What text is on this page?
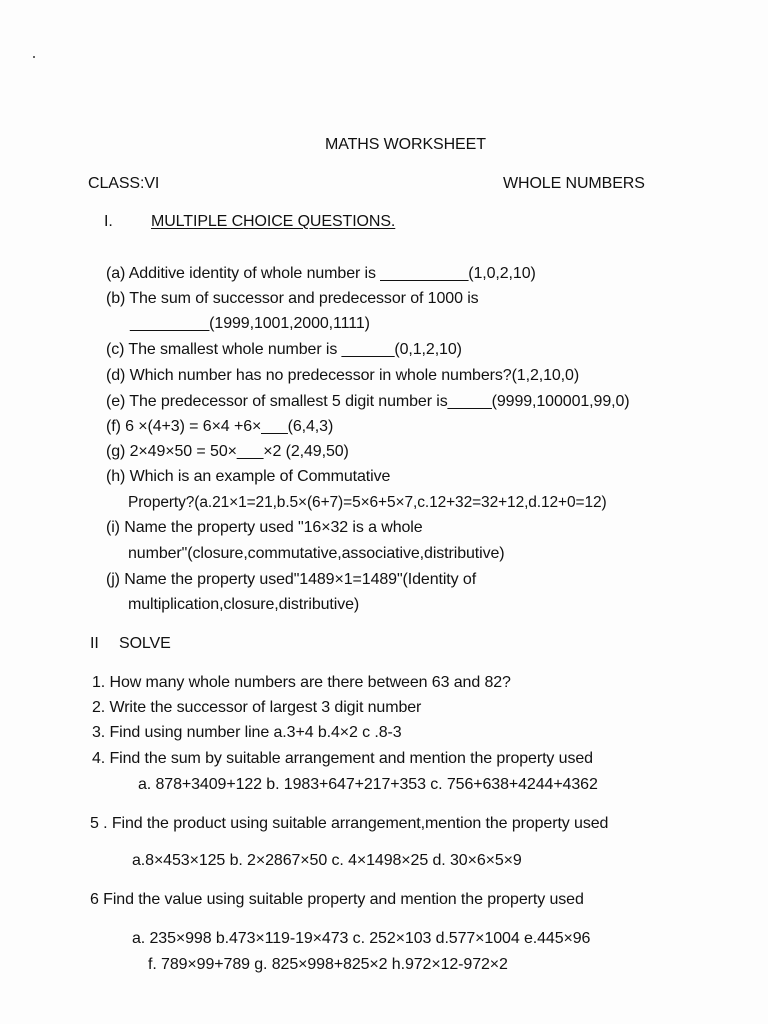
MATHS WORKSHEET
CLASS:VI	WHOLE NUMBERS
I. MULTIPLE CHOICE QUESTIONS.
(a) Additive identity of whole number is __________(1,0,2,10)
(b) The sum of successor and predecessor of 1000 is
_________(1999,1001,2000,1111)
(c) The smallest whole number is ______(0,1,2,10)
(d) Which number has no predecessor in whole numbers?(1,2,10,0)
(e) The predecessor of smallest 5 digit number is_____(9999,100001,99,0)
(f) 6 ×(4+3) = 6×4 +6×___(6,4,3)
(g) 2×49×50 = 50×___×2 (2,49,50)
(h) Which is an example of Commutative
Property?(a.21×1=21,b.5×(6+7)=5×6+5×7,c.12+32=32+12,d.12+0=12)
(i) Name the property used "16×32 is a whole
number"(closure,commutative,associative,distributive)
(j) Name the property used"1489×1=1489"(Identity of
multiplication,closure,distributive)
II SOLVE
1. How many whole numbers are there between 63 and 82?
2. Write the successor of largest 3 digit number
3. Find using number line a.3+4 b.4×2 c .8-3
4. Find the sum by suitable arrangement and mention the property used
a. 878+3409+122 b. 1983+647+217+353 c. 756+638+4244+4362
5 . Find the product using suitable arrangement,mention the property used
a.8×453×125 b. 2×2867×50 c. 4×1498×25 d. 30×6×5×9
6 Find the value using suitable property and mention the property used
a. 235×998 b.473×119-19×473 c. 252×103 d.577×1004 e.445×96
f. 789×99+789 g. 825×998+825×2 h.972×12-972×2
